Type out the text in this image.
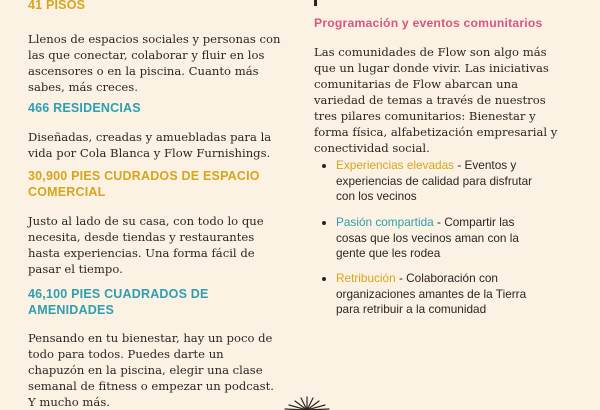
41 PISOS
Llenos de espacios sociales y personas con
las que conectar, colaborar y fluir en los
ascensores o en la piscina. Cuanto más
sabes, más creces.
466 RESIDENCIAS
Diseñadas, creadas y amuebladas para la
vida por Cola Blanca y Flow Furnishings.
30,900 PIES CUDRADOS DE ESPACIO
COMERCIAL
Justo al lado de su casa, con todo lo que
necesita, desde tiendas y restaurantes
hasta experiencias. Una forma fácil de
pasar el tiempo.
46,100 PIES CUADRADOS DE
AMENIDADES
Pensando en tu bienestar, hay un poco de
todo para todos. Puedes darte un
chapuzón en la piscina, elegir una clase
semanal de fitness o empezar un podcast.
Y mucho más.
Programación y eventos comunitarios
Las comunidades de Flow son algo más
que un lugar donde vivir. Las iniciativas
comunitarias de Flow abarcan una
variedad de temas a través de nuestros
tres pilares comunitarios: Bienestar y
forma física, alfabetización empresarial y
conectividad social.
Experiencias elevadas - Eventos y
experiencias de calidad para disfrutar
con los vecinos
Pasión compartida - Compartir las
cosas que los vecinos aman con la
gente que les rodea
Retribución - Colaboración con
organizaciones amantes de la Tierra
para retribuir a la comunidad
